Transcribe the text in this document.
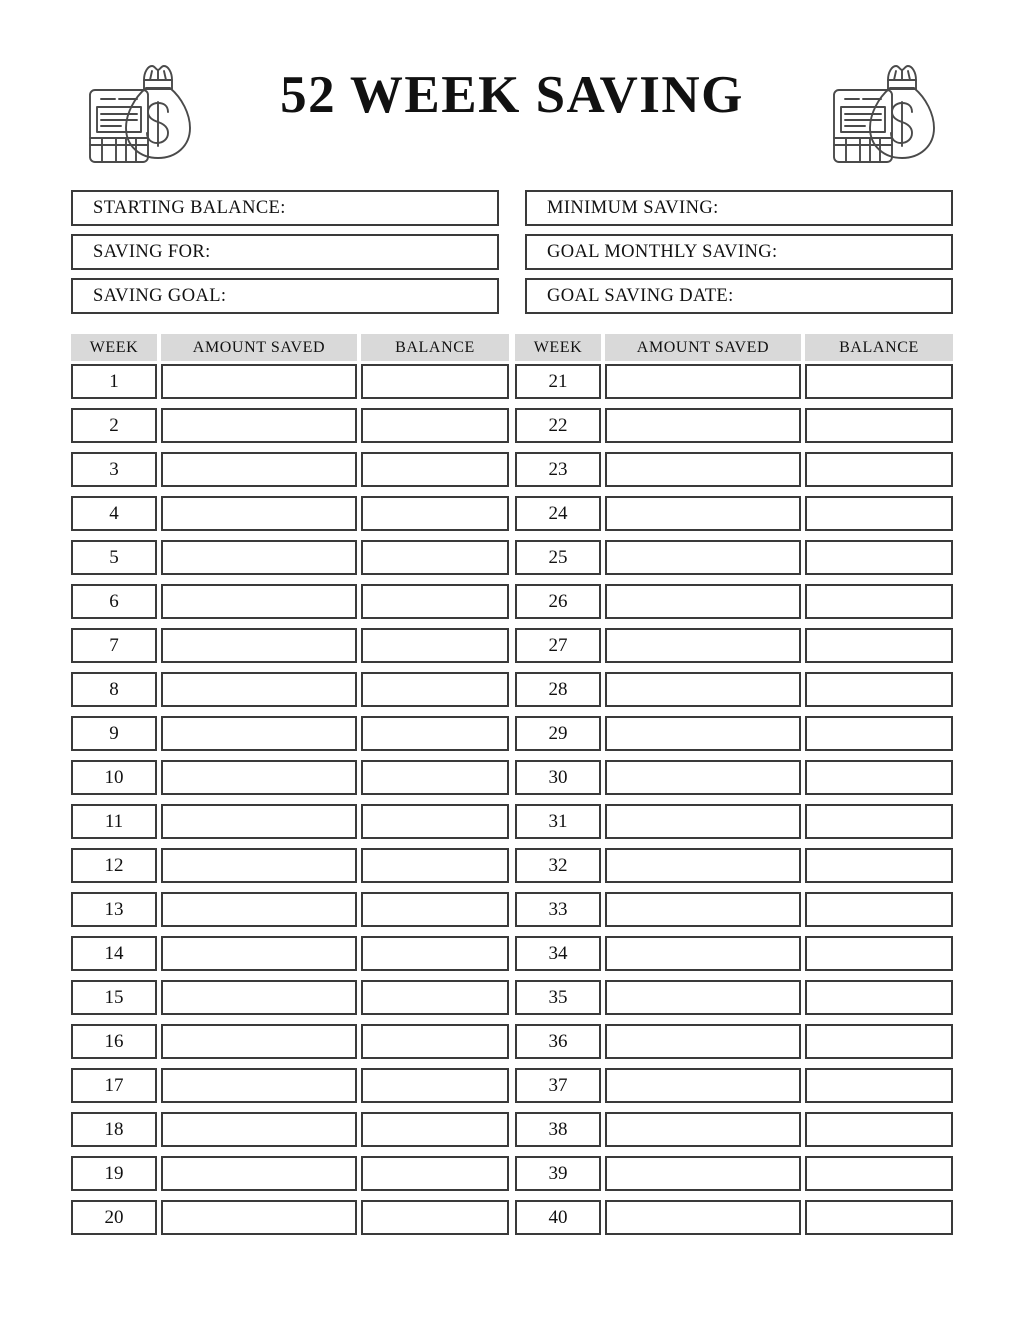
52 WEEK SAVING
STARTING BALANCE:	MINIMUM SAVING:
SAVING FOR:	GOAL MONTHLY SAVING:
SAVING GOAL:	GOAL SAVING DATE:
WEEK	AMOUNT SAVED	BALANCE
1
2
3
4
5
6
7
8
9
10
11
12
13
14
15
16
17
18
19
20
WEEK	AMOUNT SAVED	BALANCE
21
22
23
24
25
26
27
28
29
30
31
32
33
34
35
36
37
38
39
40
